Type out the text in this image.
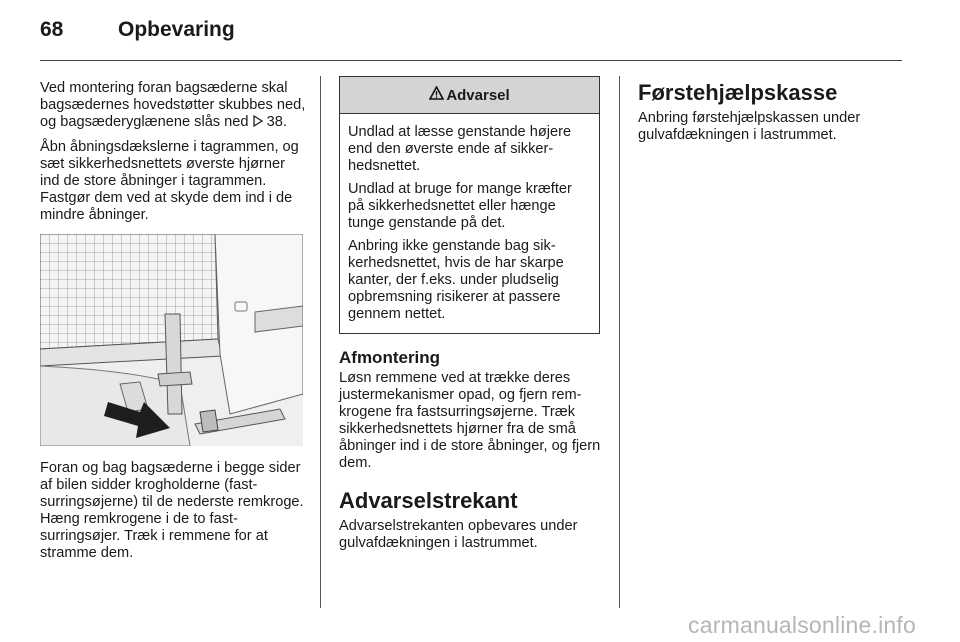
68	Opbevaring

Ved montering foran bagsæderne skal bagsædernes hovedstøtter skubbes ned, og bagsæderyglænene slås ned 38.

Åbn åbningsdækslerne i tagrammen, og sæt sikkerhedsnettets øverste hjørner ind de store åbninger i tagrammen. Fastgør dem ved at skyde dem ind i de mindre åbninger.

Foran og bag bagsæderne i begge sider af bilen sidder krogholderne (fastsurringsøjerne) til de nederste remkroge. Hæng remkrogene i de to fastsurringsøjer. Træk i remmene for at stramme dem.

Advarsel

Undlad at læsse genstande højere end den øverste ende af sikkerhedsnettet.

Undlad at bruge for mange kræfter på sikkerhedsnettet eller hænge tunge genstande på det.

Anbring ikke genstande bag sikkerhedsnettet, hvis de har skarpe kanter, der f.eks. under pludselig opbremsning risikerer at passere gennem nettet.

Afmontering

Løsn remmene ved at trække deres justermekanismer opad, og fjern remkrogene fra fastsurringsøjerne. Træk sikkerhedsnettets hjørner fra de små åbninger ind i de store åbninger, og fjern dem.

Advarselstrekant

Advarselstrekanten opbevares under gulvafdækningen i lastrummet.

Førstehjælpskasse

Anbring førstehjælpskassen under gulvafdækningen i lastrummet.

carmanualsonline.info
